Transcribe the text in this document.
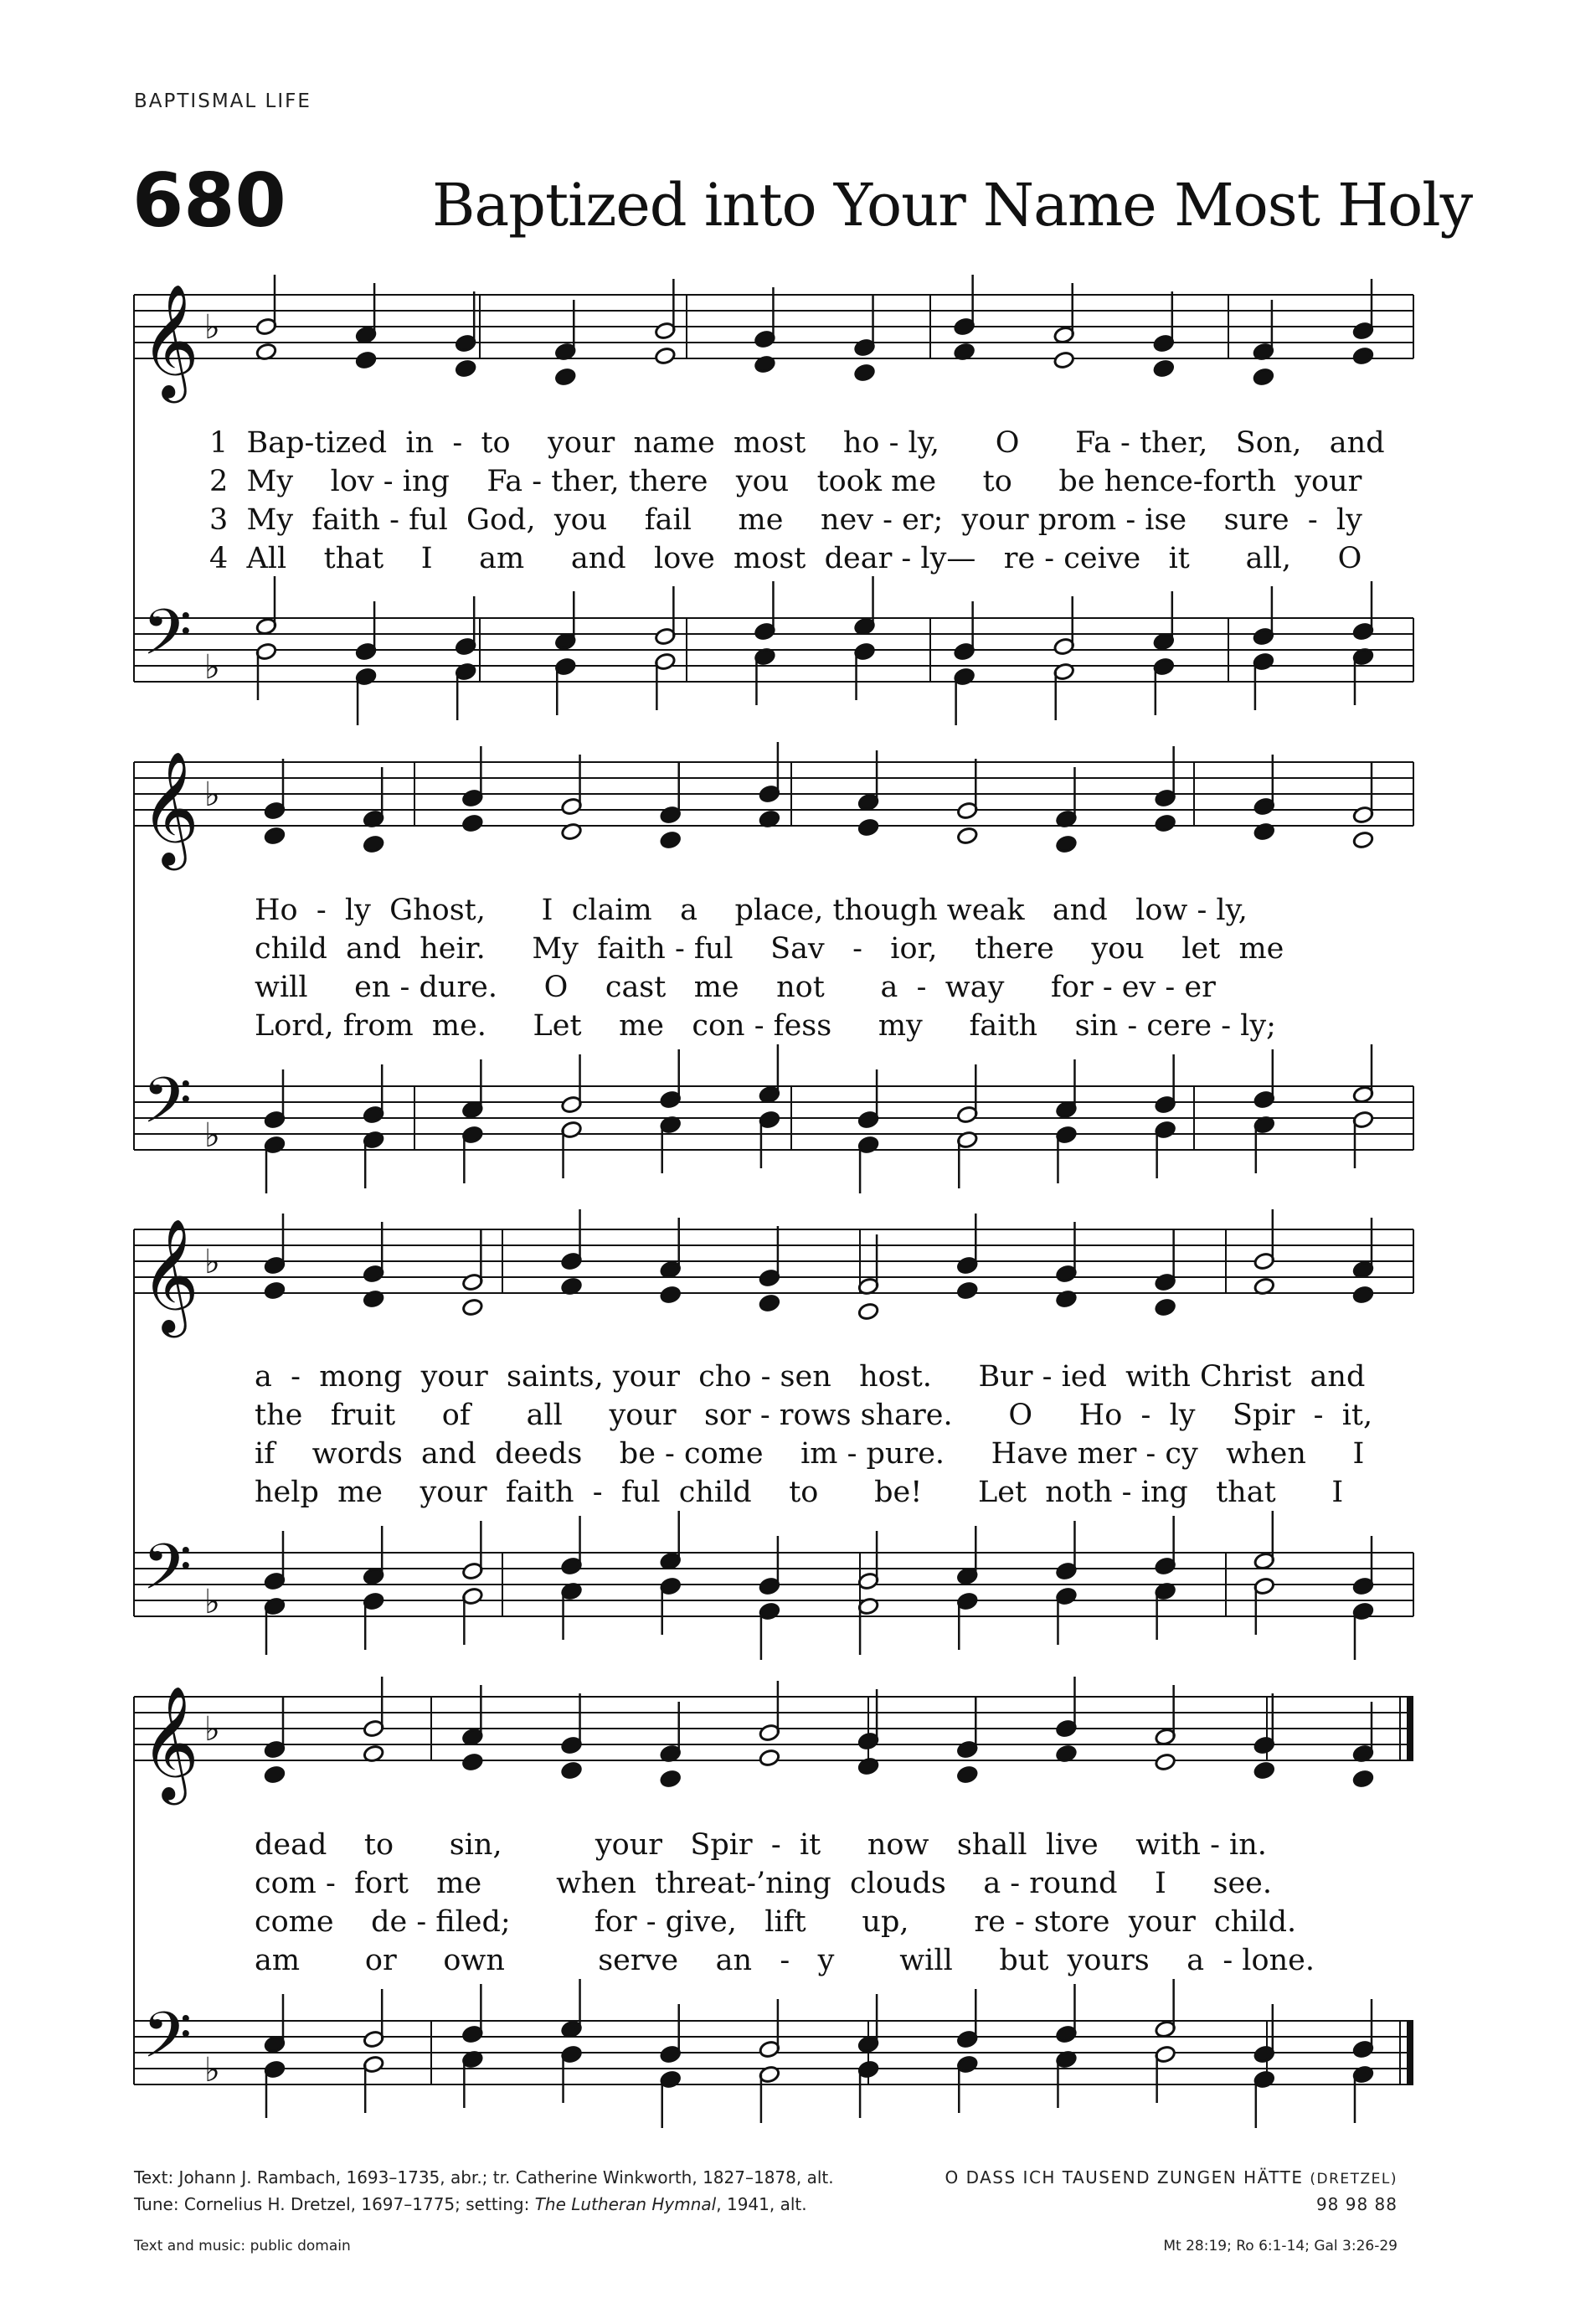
BAPTISMAL LIFE
680 Baptized into Your Name Most Holy
𝄞
𝄢
♭
♭
𝄞
𝄢
♭
♭
𝄞
𝄢
♭
♭
𝄞
𝄢
♭
♭
1  Bap-tized  in  -  to    your  name  most    ho - ly,      O      Fa - ther,   Son,   and
2  My    lov - ing    Fa - ther, there   you   took me     to     be hence-forth  your
3  My  faith - ful  God,  you    fail     me    nev - er;  your prom - ise    sure  -  ly
4  All    that    I     am     and   love  most  dear - ly—   re - ceive   it      all,     O
Ho  -  ly  Ghost,      I  claim   a    place, though weak   and   low - ly,
child  and  heir.     My  faith - ful    Sav   -   ior,    there    you    let  me
will     en - dure.     O    cast   me    not      a  -  way     for - ev - er
Lord, from  me.     Let    me   con - fess     my     faith    sin - cere - ly;
a  -  mong  your  saints, your  cho - sen   host.     Bur - ied  with Christ  and
the   fruit     of      all     your   sor - rows share.      O     Ho  -  ly    Spir  -  it,
if    words  and  deeds    be - come    im - pure.     Have mer - cy   when     I
help  me    your  faith  -  ful  child    to      be!      Let  noth - ing   that      I
dead    to      sin,          your   Spir  -  it     now   shall  live    with - in.
com -  fort   me        when  threat-’ning  clouds    a - round    I     see.
come    de - filed;         for - give,   lift      up,       re - store  your  child.
am       or     own          serve    an   -   y       will     but  yours    a  - lone.
Text: Johann J. Rambach, 1693–1735, abr.; tr. Catherine Winkworth, 1827–1878, alt.
Tune: Cornelius H. Dretzel, 1697–1775; setting: The Lutheran Hymnal, 1941, alt.
O DASS ICH TAUSEND ZUNGEN HÄTTE (DRETZEL)
98 98 88
Text and music: public domain	Mt 28:19; Ro 6:1-14; Gal 3:26-29
